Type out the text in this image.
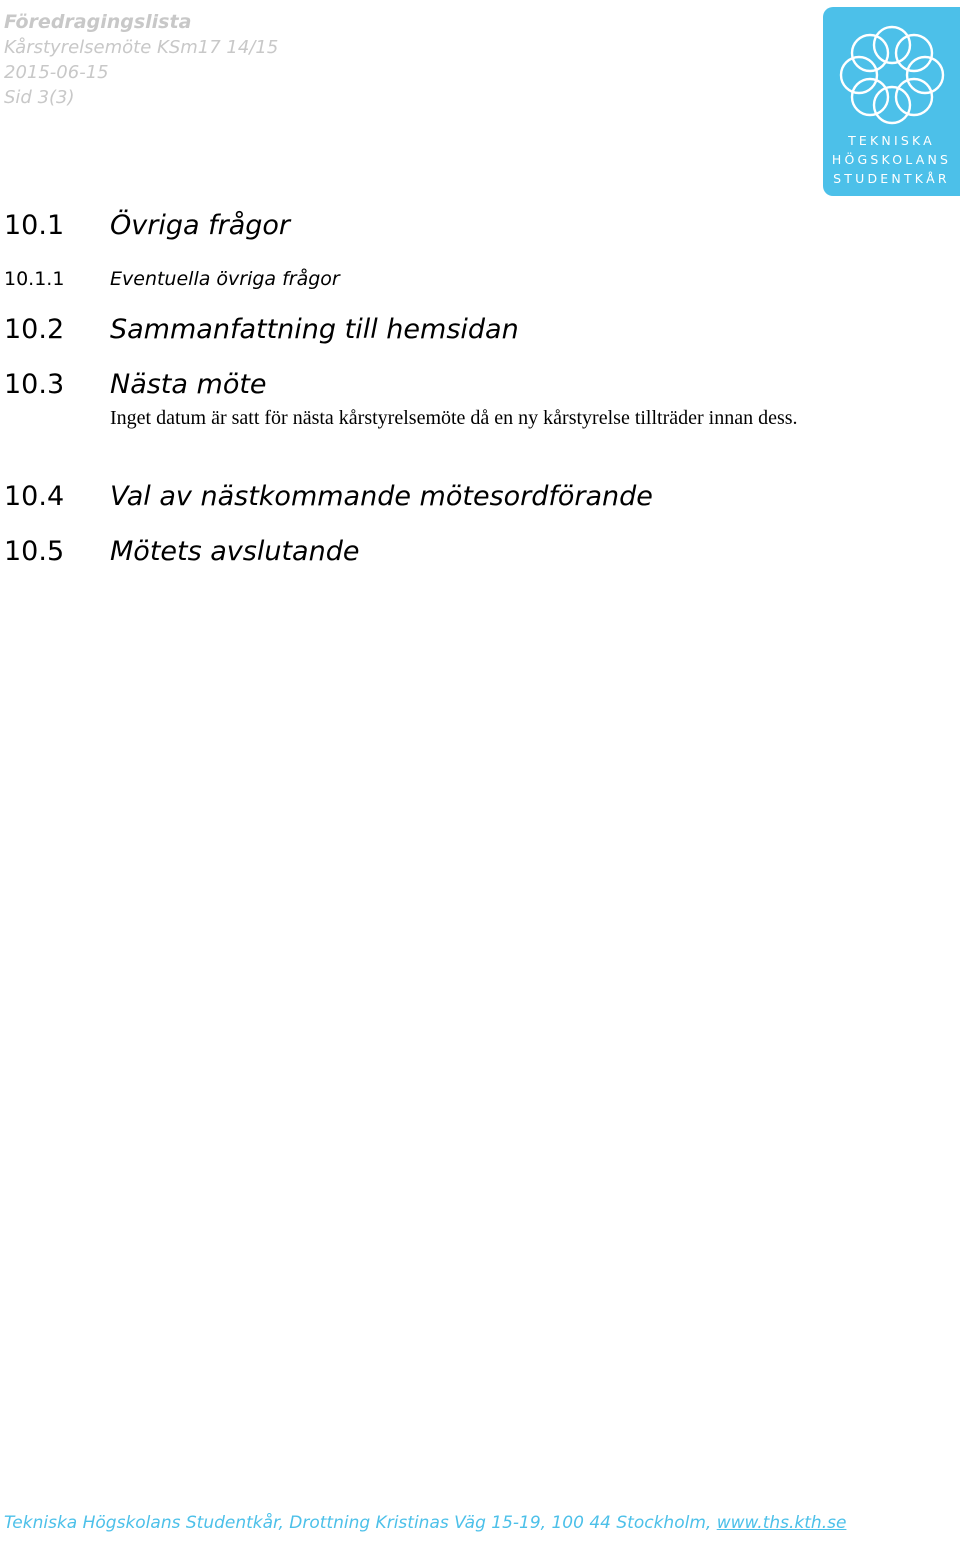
Föredragingslista
Kårstyrelsemöte KSm17 14/15
2015-06-15
Sid 3(3)
TEKNISKA
HÖGSKOLANS
STUDENTKÅR
10.1	Övriga frågor
10.1.1	Eventuella övriga frågor
10.2	Sammanfattning till hemsidan
10.3	Nästa möte
Inget datum är satt för nästa kårstyrelsemöte då en ny kårstyrelse tillträder innan dess.
10.4	Val av nästkommande mötesordförande
10.5	Mötets avslutande
Tekniska Högskolans Studentkår, Drottning Kristinas Väg 15-19, 100 44 Stockholm, www.ths.kth.se
